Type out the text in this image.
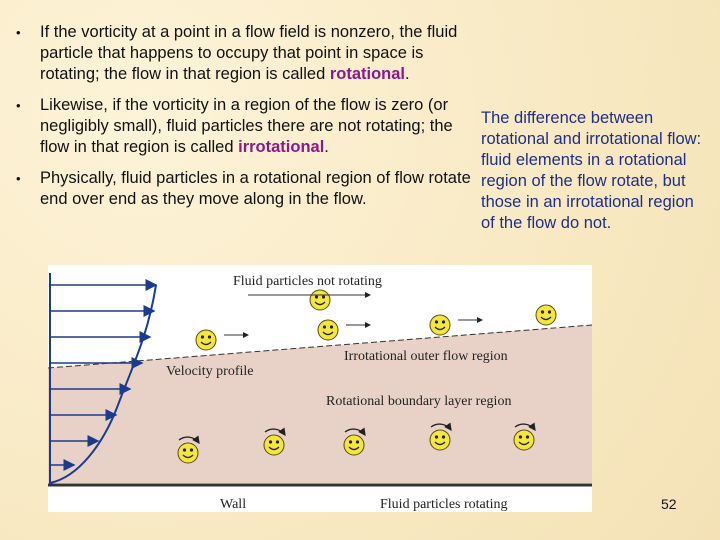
• If the vorticity at a point in a flow field is nonzero, the fluid particle that happens to occupy that point in space is rotating; the flow in that region is called rotational.
• Likewise, if the vorticity in a region of the flow is zero (or negligibly small), fluid particles there are not rotating; the flow in that region is called irrotational.
• Physically, fluid particles in a rotational region of flow rotate end over end as they move along in the flow.
The difference between rotational and irrotational flow: fluid elements in a rotational region of the flow rotate, but those in an irrotational region of the flow do not.
Fluid particles not rotating
Irrotational outer flow region
Velocity profile
Rotational boundary layer region
Wall	Fluid particles rotating	52
